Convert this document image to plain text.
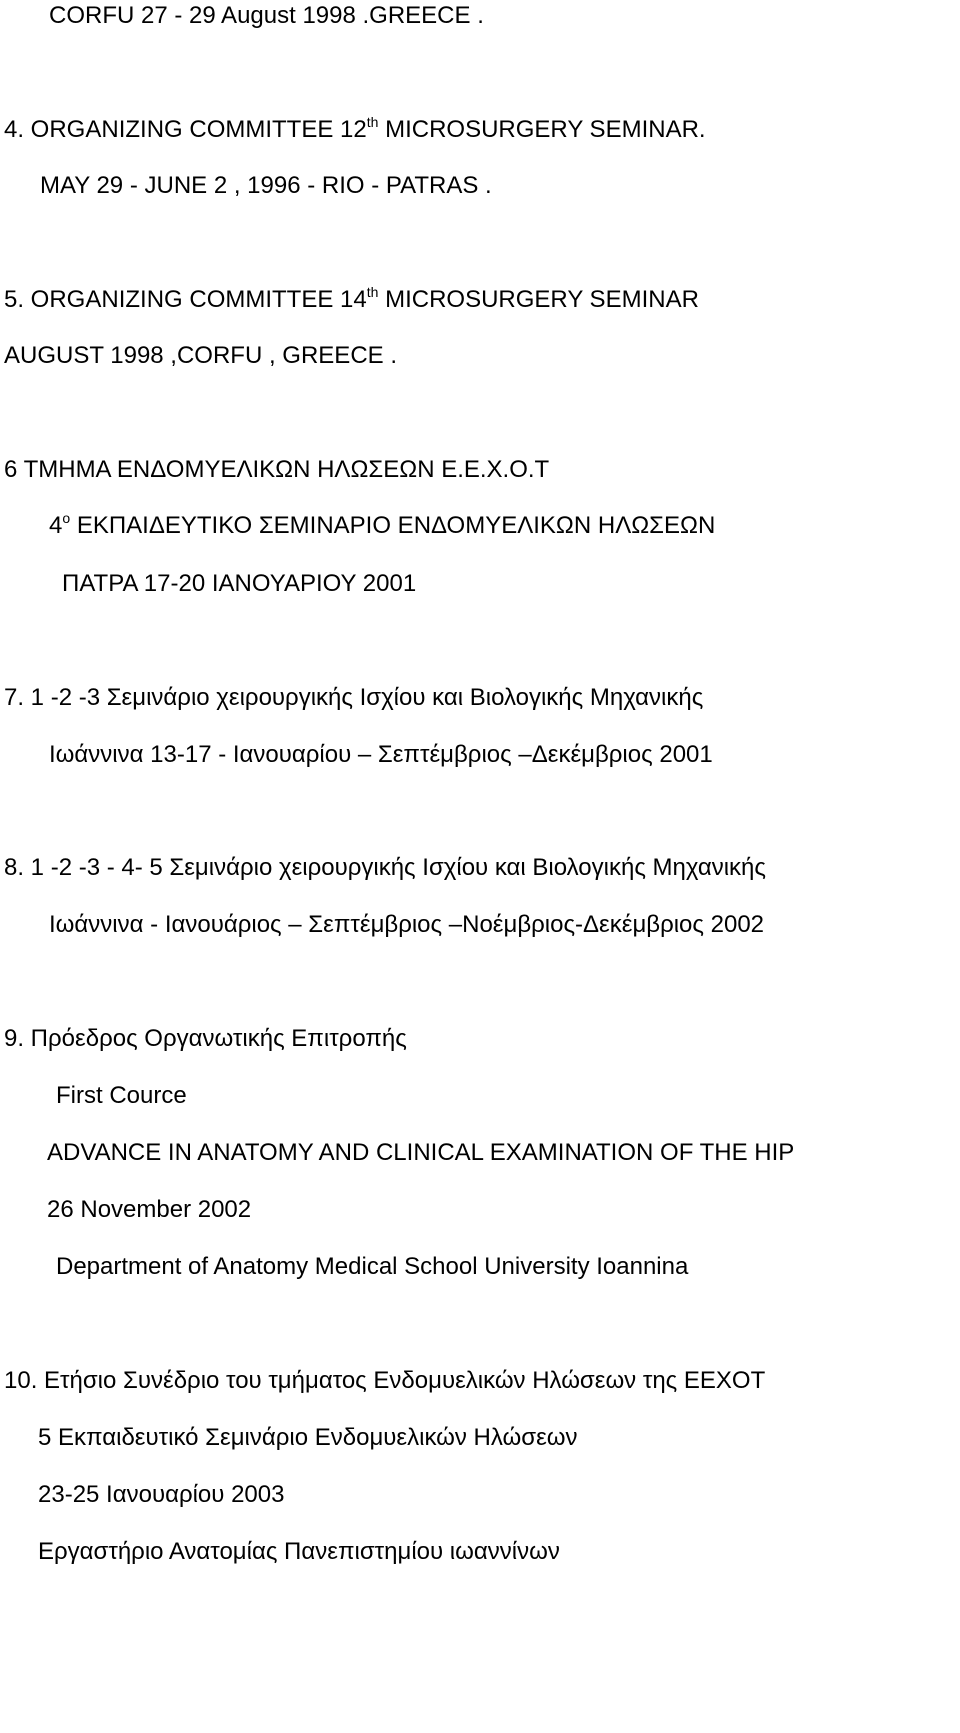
CORFU 27 - 29 August 1998 .GREECE .
4. ORGANIZING COMMITTEE 12th MICROSURGERY SEMINAR.
MAY 29 - JUNE 2 , 1996 - RIO - PATRAS .
5. ORGANIZING COMMITTEE 14th MICROSURGERY SEMINAR
AUGUST 1998 ,CORFU , GREECE .
6 ΤΜΗΜΑ ΕΝΔΟΜΥΕΛΙΚΩΝ ΗΛΩΣΕΩΝ Ε.Ε.Χ.Ο.Τ
$4^o$ ΕΚΠΑΙΔΕΥΤΙΚΟ ΣΕΜΙΝΑΡΙΟ ΕΝΔΟΜΥΕΛΙΚΩΝ ΗΛΩΣΕΩΝ
ΠΑΤΡΑ 17-20 ΙΑΝΟΥΑΡΙΟΥ 2001
7. 1 -2 -3 Σεμινάριο χειρουργικής Ισχίου και Βιολογικής Μηχανικής
Ιωάννινα 13-17 - Ιανουαρίου – Σεπτέμβριος –Δεκέμβριος 2001
8. 1 -2 -3 - 4- 5 Σεμινάριο χειρουργικής Ισχίου και Βιολογικής Μηχανικής
Ιωάννινα - Ιανουάριος – Σεπτέμβριος –Νοέμβριος-Δεκέμβριος 2002
9. Πρόεδρος Οργανωτικής Επιτροπής
First Cource
ADVANCE IN ANATOMY AND CLINICAL EXAMINATION OF THE HIP
26 November 2002
Department of Anatomy Medical School University Ioannina
10. Ετήσιο Συνέδριο του τμήματος Ενδομυελικών Ηλώσεων της ΕΕΧΟΤ
5 Εκπαιδευτικό Σεμινάριο Ενδομυελικών Ηλώσεων
23-25 Ιανουαρίου 2003
Εργαστήριο Ανατομίας Πανεπιστημίου ιωαννίνων
